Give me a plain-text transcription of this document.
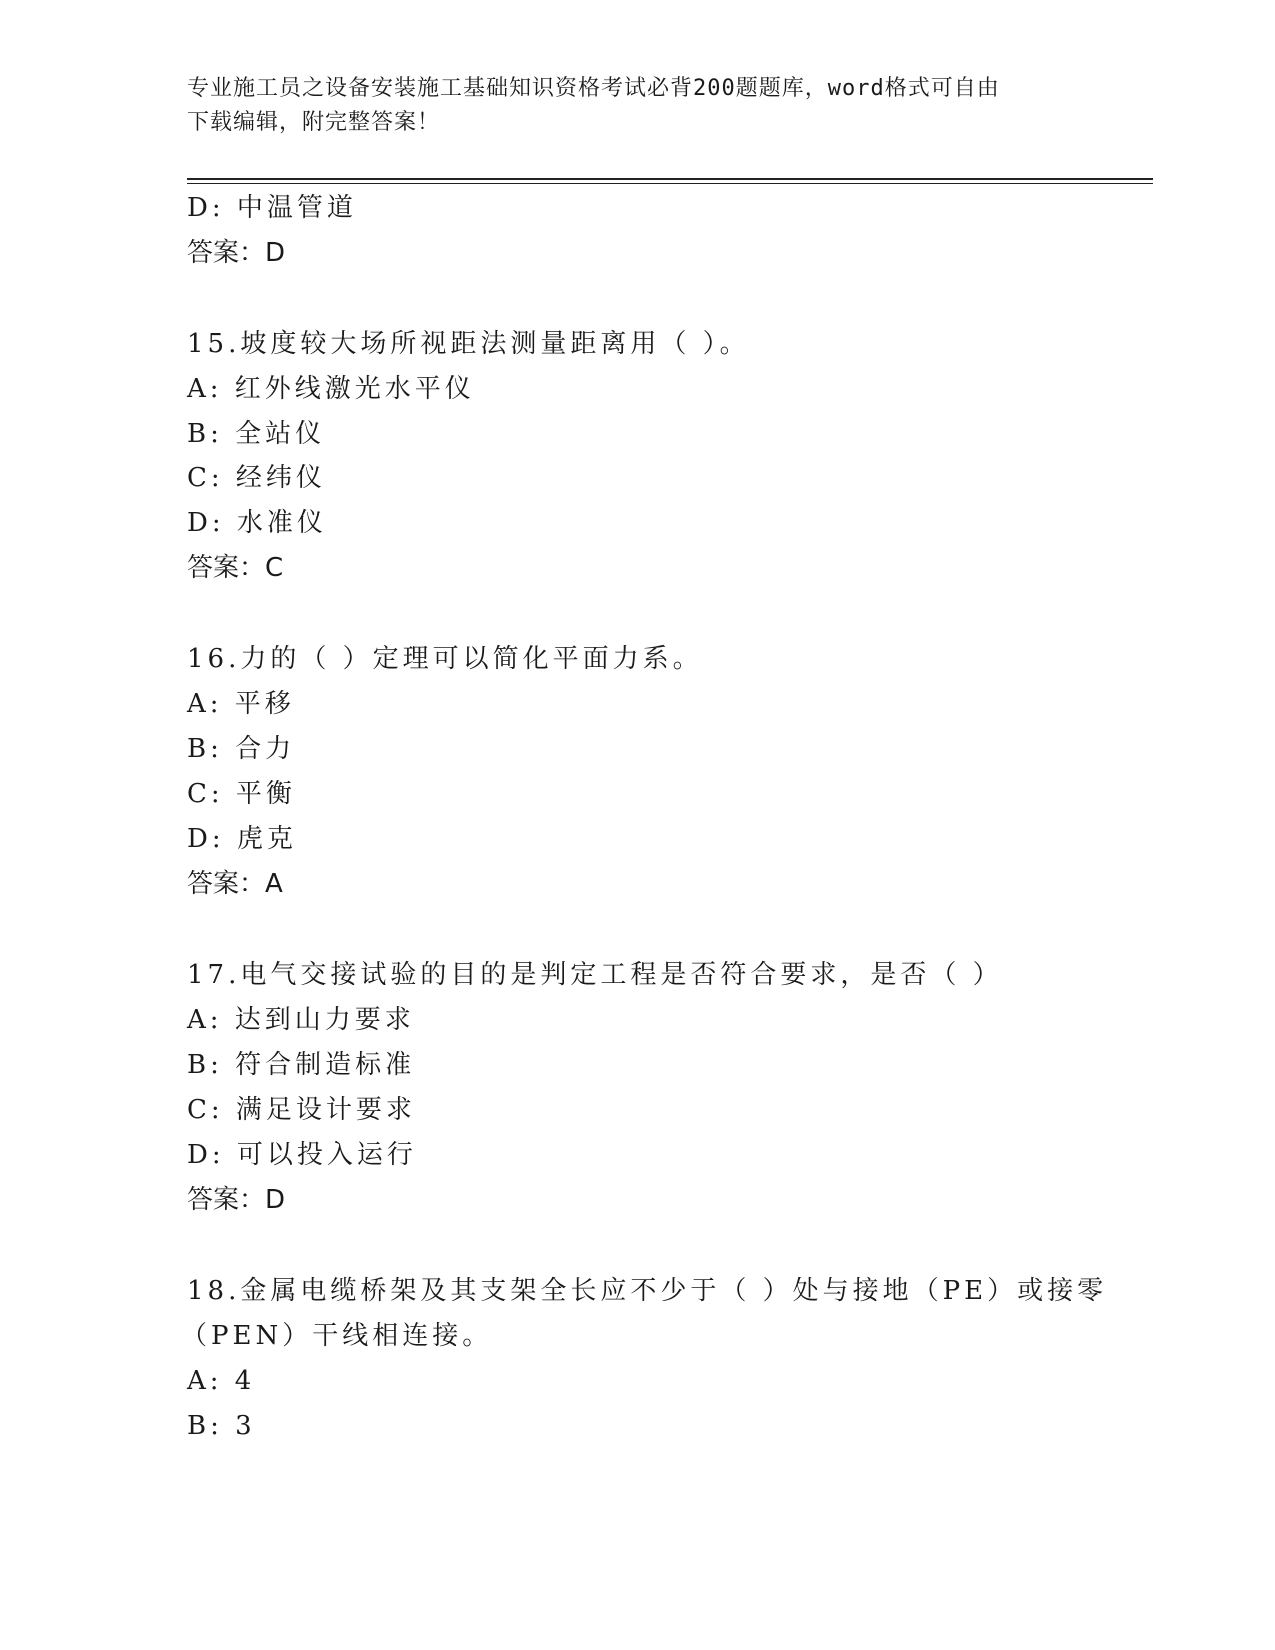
专业施工员之设备安装施工基础知识资格考试必背200题题库，word格式可自由
下载编辑，附完整答案！
D: 中温管道
答案：D
15.坡度较大场所视距法测量距离用（ ）。
A: 红外线激光水平仪
B: 全站仪
C: 经纬仪
D: 水准仪
答案：C
16.力的（ ）定理可以简化平面力系。
A: 平移
B: 合力
C: 平衡
D: 虎克
答案：A
17.电气交接试验的目的是判定工程是否符合要求，是否（ ）
A: 达到山力要求
B: 符合制造标准
C: 满足设计要求
D: 可以投入运行
答案：D
18.金属电缆桥架及其支架全长应不少于（ ）处与接地（PE）或接零
（PEN）干线相连接。
A: 4
B: 3
